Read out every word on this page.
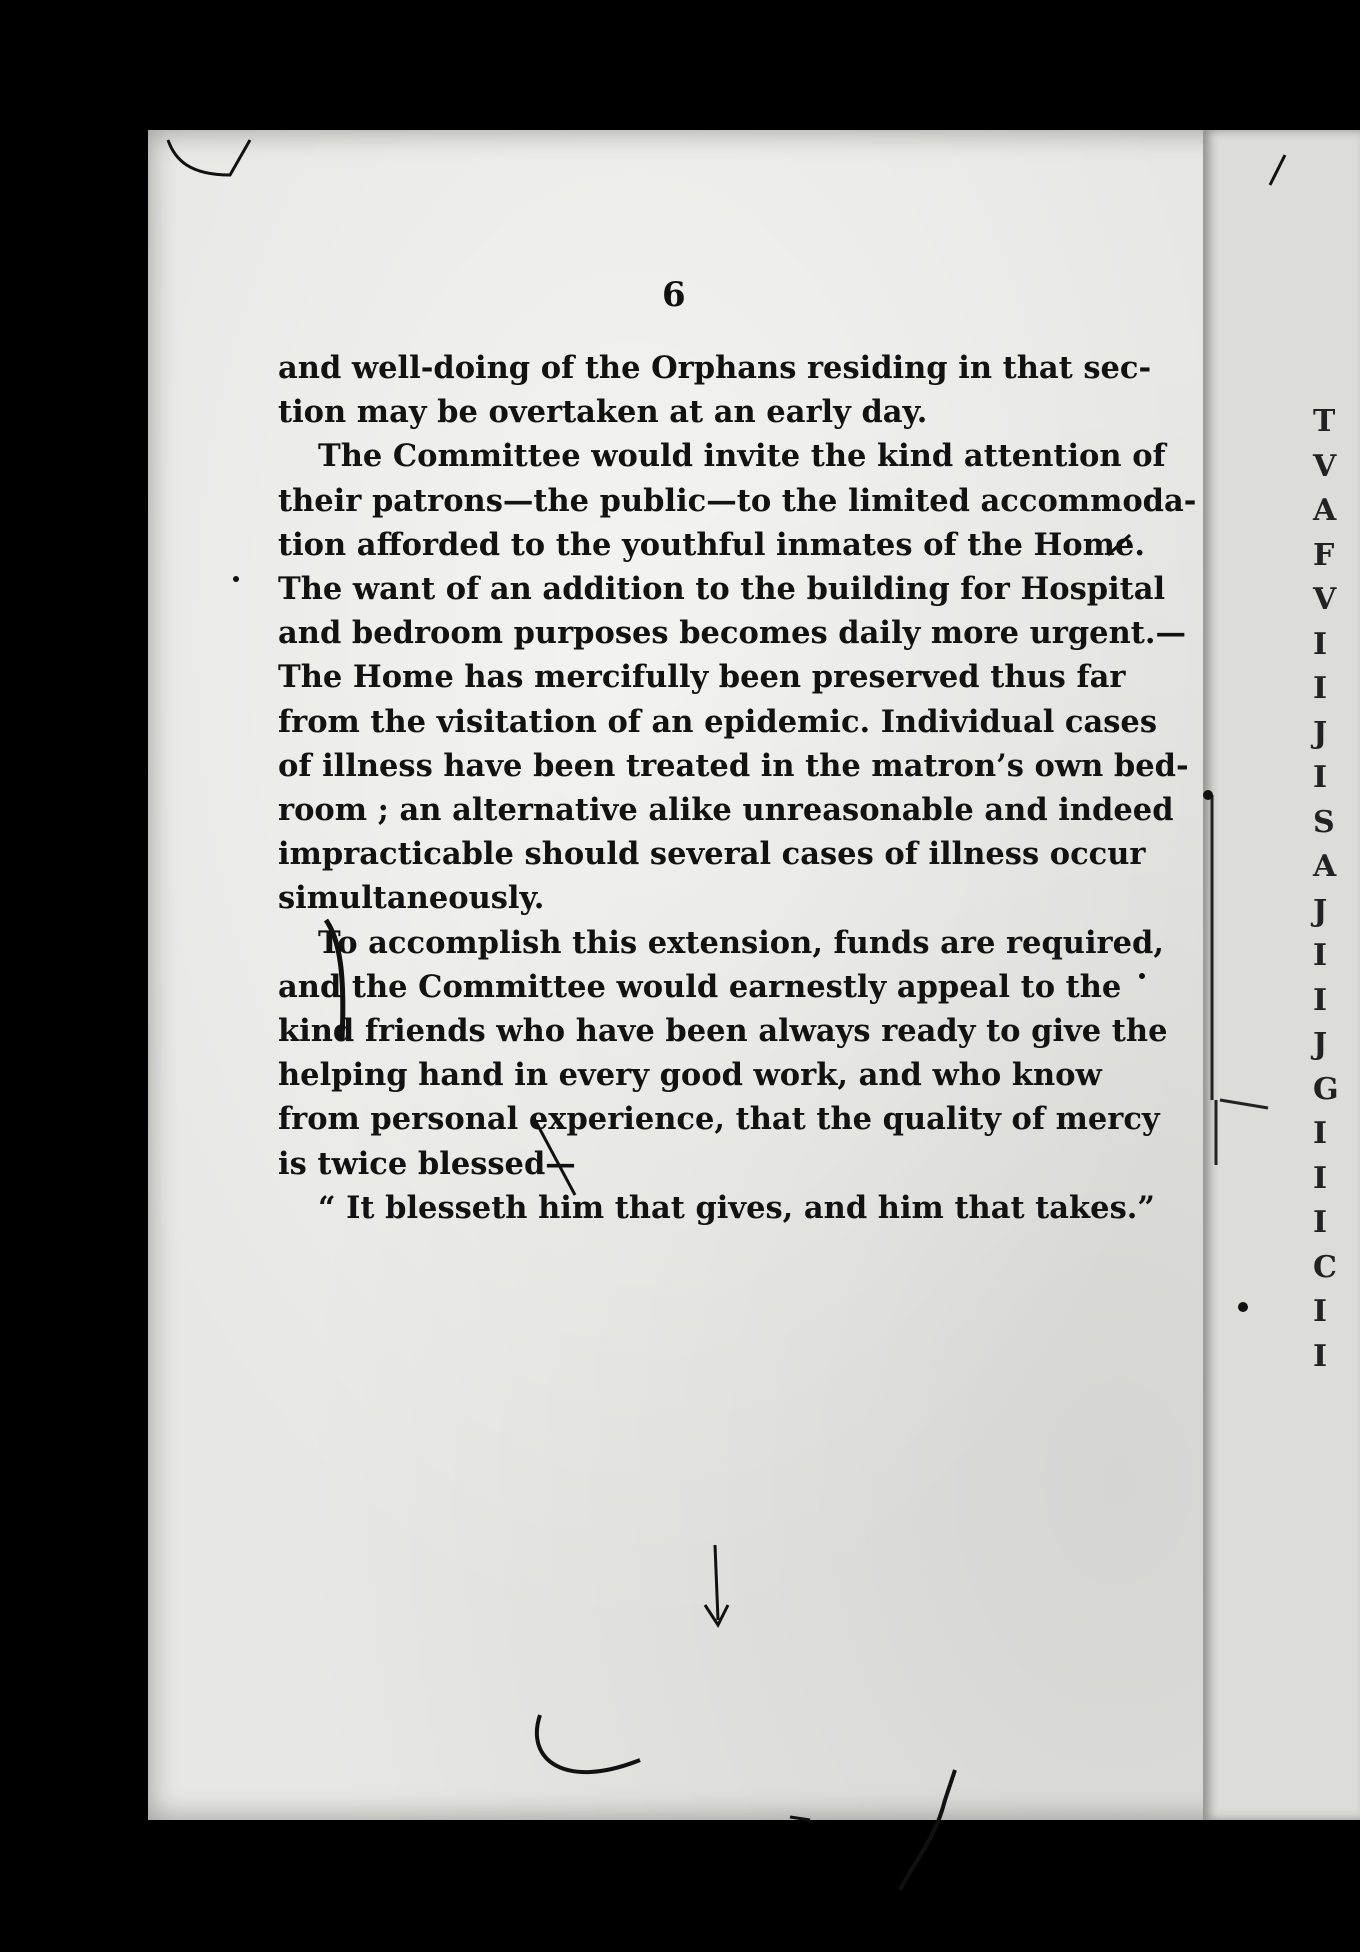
6
and well-doing of the Orphans residing in that sec-
tion may be overtaken at an early day.
The Committee would invite the kind attention of
their patrons—the public—to the limited accommoda-
tion afforded to the youthful inmates of the Home.
The want of an addition to the building for Hospital
and bedroom purposes becomes daily more urgent.—
The Home has mercifully been preserved thus far
from the visitation of an epidemic. Individual cases
of illness have been treated in the matron’s own bed-
room ; an alternative alike unreasonable and indeed
impracticable should several cases of illness occur
simultaneously.
To accomplish this extension, funds are required,
and the Committee would earnestly appeal to the
kind friends who have been always ready to give the
helping hand in every good work, and who know
from personal experience, that the quality of mercy
is twice blessed—
“ It blesseth him that gives, and him that takes.”
T
V
A
F
V
I
I
J
I
S
A
J
I
I
J
G
I
I
I
C
I
I
